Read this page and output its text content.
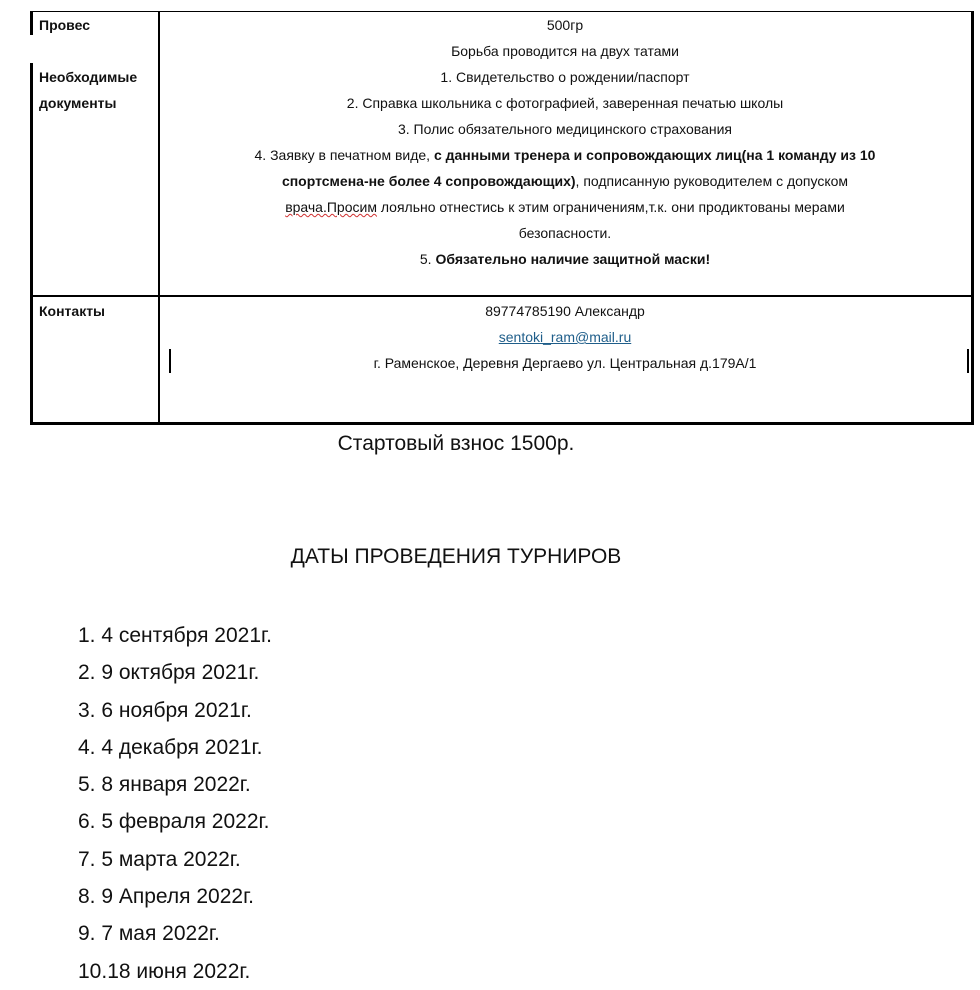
Провес
Необходимые
документы
Контакты
500гр
Борьба проводится на двух татами
1. Свидетельство о рождении/паспорт
2. Справка школьника с фотографией, заверенная печатью школы
3. Полис обязательного медицинского страхования
4. Заявку в печатном виде, с данными тренера и сопровождающих лиц(на 1 команду из 10
спортсмена-не более 4 сопровождающих), подписанную руководителем с допуском
врача.Просим лояльно отнестись к этим ограничениям,т.к. они продиктованы мерами
безопасности.
5. Обязательно наличие защитной маски!
89774785190 Александр
sentoki_ram@mail.ru
г. Раменское, Деревня Дергаево ул. Центральная д.179А/1
Стартовый взнос 1500р.
ДАТЫ ПРОВЕДЕНИЯ ТУРНИРОВ
1. 4 сентября 2021г.
2. 9 октября 2021г.
3. 6 ноября 2021г.
4. 4 декабря 2021г.
5. 8 января 2022г.
6. 5 февраля 2022г.
7. 5 марта 2022г.
8. 9 Апреля 2022г.
9. 7 мая 2022г.
10.18 июня 2022г.
